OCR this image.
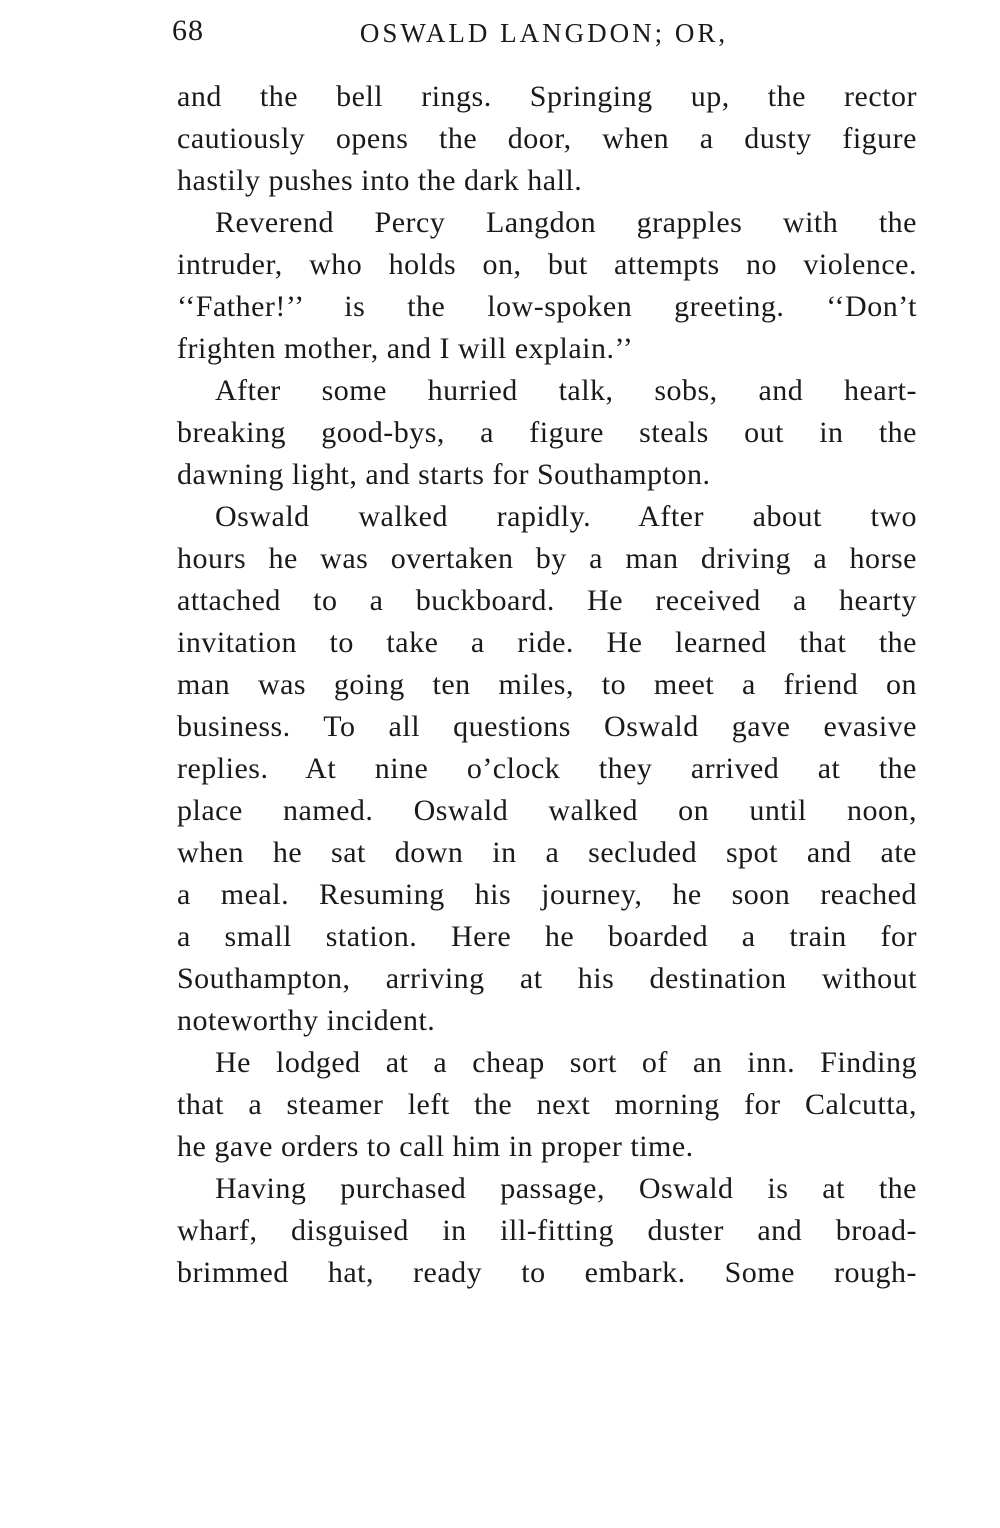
68	OSWALD LANGDON; OR,
and the bell rings. Springing up, the rector
cautiously opens the door, when a dusty figure
hastily pushes into the dark hall.
Reverend Percy Langdon grapples with the
intruder, who holds on, but attempts no violence.
‘‘Father!’’ is the low-spoken greeting. ‘‘Don’t
frighten mother, and I will explain.’’
After some hurried talk, sobs, and heart-
breaking good-bys, a figure steals out in the
dawning light, and starts for Southampton.
Oswald walked rapidly. After about two
hours he was overtaken by a man driving a horse
attached to a buckboard. He received a hearty
invitation to take a ride. He learned that the
man was going ten miles, to meet a friend on
business. To all questions Oswald gave evasive
replies. At nine o’clock they arrived at the
place named. Oswald walked on until noon,
when he sat down in a secluded spot and ate
a meal. Resuming his journey, he soon reached
a small station. Here he boarded a train for
Southampton, arriving at his destination without
noteworthy incident.
He lodged at a cheap sort of an inn. Finding
that a steamer left the next morning for Calcutta,
he gave orders to call him in proper time.
Having purchased passage, Oswald is at the
wharf, disguised in ill-fitting duster and broad-
brimmed hat, ready to embark. Some rough-
